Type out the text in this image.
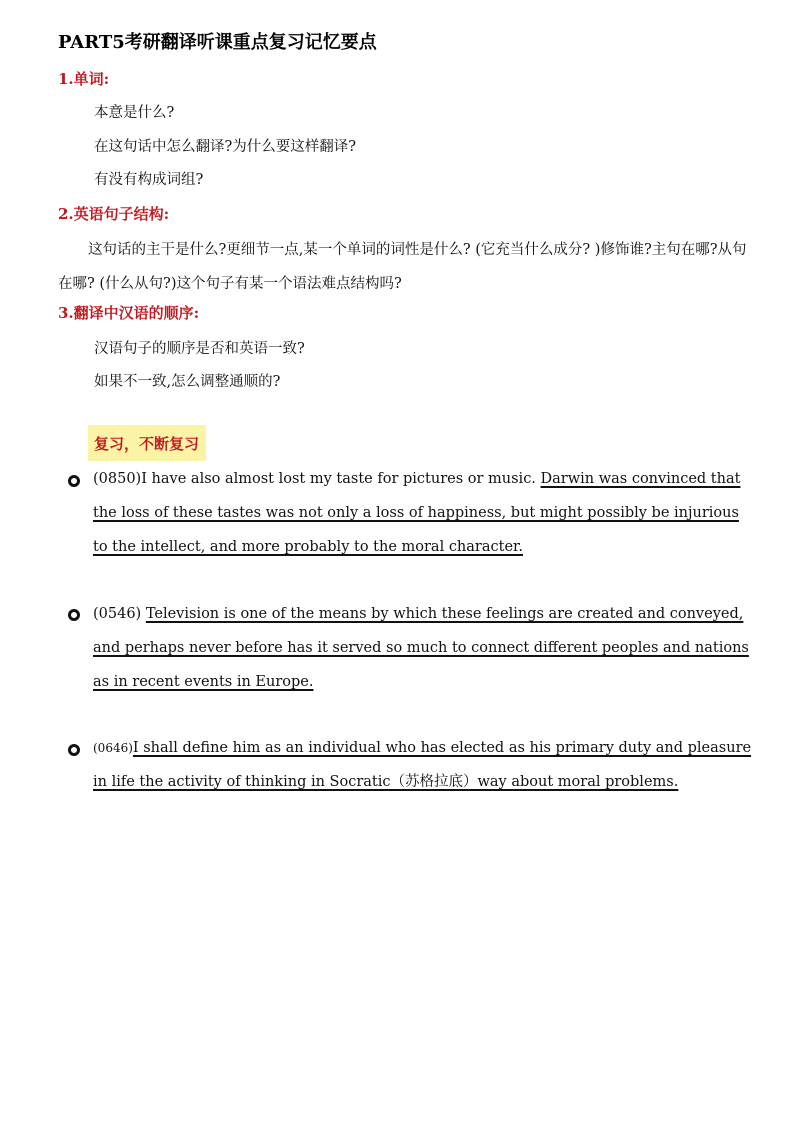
PART5考研翻译听课重点复习记忆要点
1.单词:
本意是什么?
在这句话中怎么翻译?为什么要这样翻译?
有没有构成词组?
2.英语句子结构:

这句话的主干是什么?更细节一点,某一个单词的词性是什么? (它充当什么成分? )修饰谁?主句在哪?从句在哪? (什么从句?)这个句子有某一个语法难点结构吗?

3.翻译中汉语的顺序:
汉语句子的顺序是否和英语一致?
如果不一致,怎么调整通顺的?
复习，不断复习
(0850)I have also almost lost my taste for pictures or music. Darwin was convinced that the loss of these tastes was not only a loss of happiness, but might possibly be injurious to the intellect, and more probably to the moral character.
(0546) Television is one of the means by which these feelings are created and conveyed, and perhaps never before has it served so much to connect different peoples and nations as in recent events in Europe.
(0646)I shall define him as an individual who has elected as his primary duty and pleasure in life the activity of thinking in Socratic（苏格拉底）way about moral problems.
